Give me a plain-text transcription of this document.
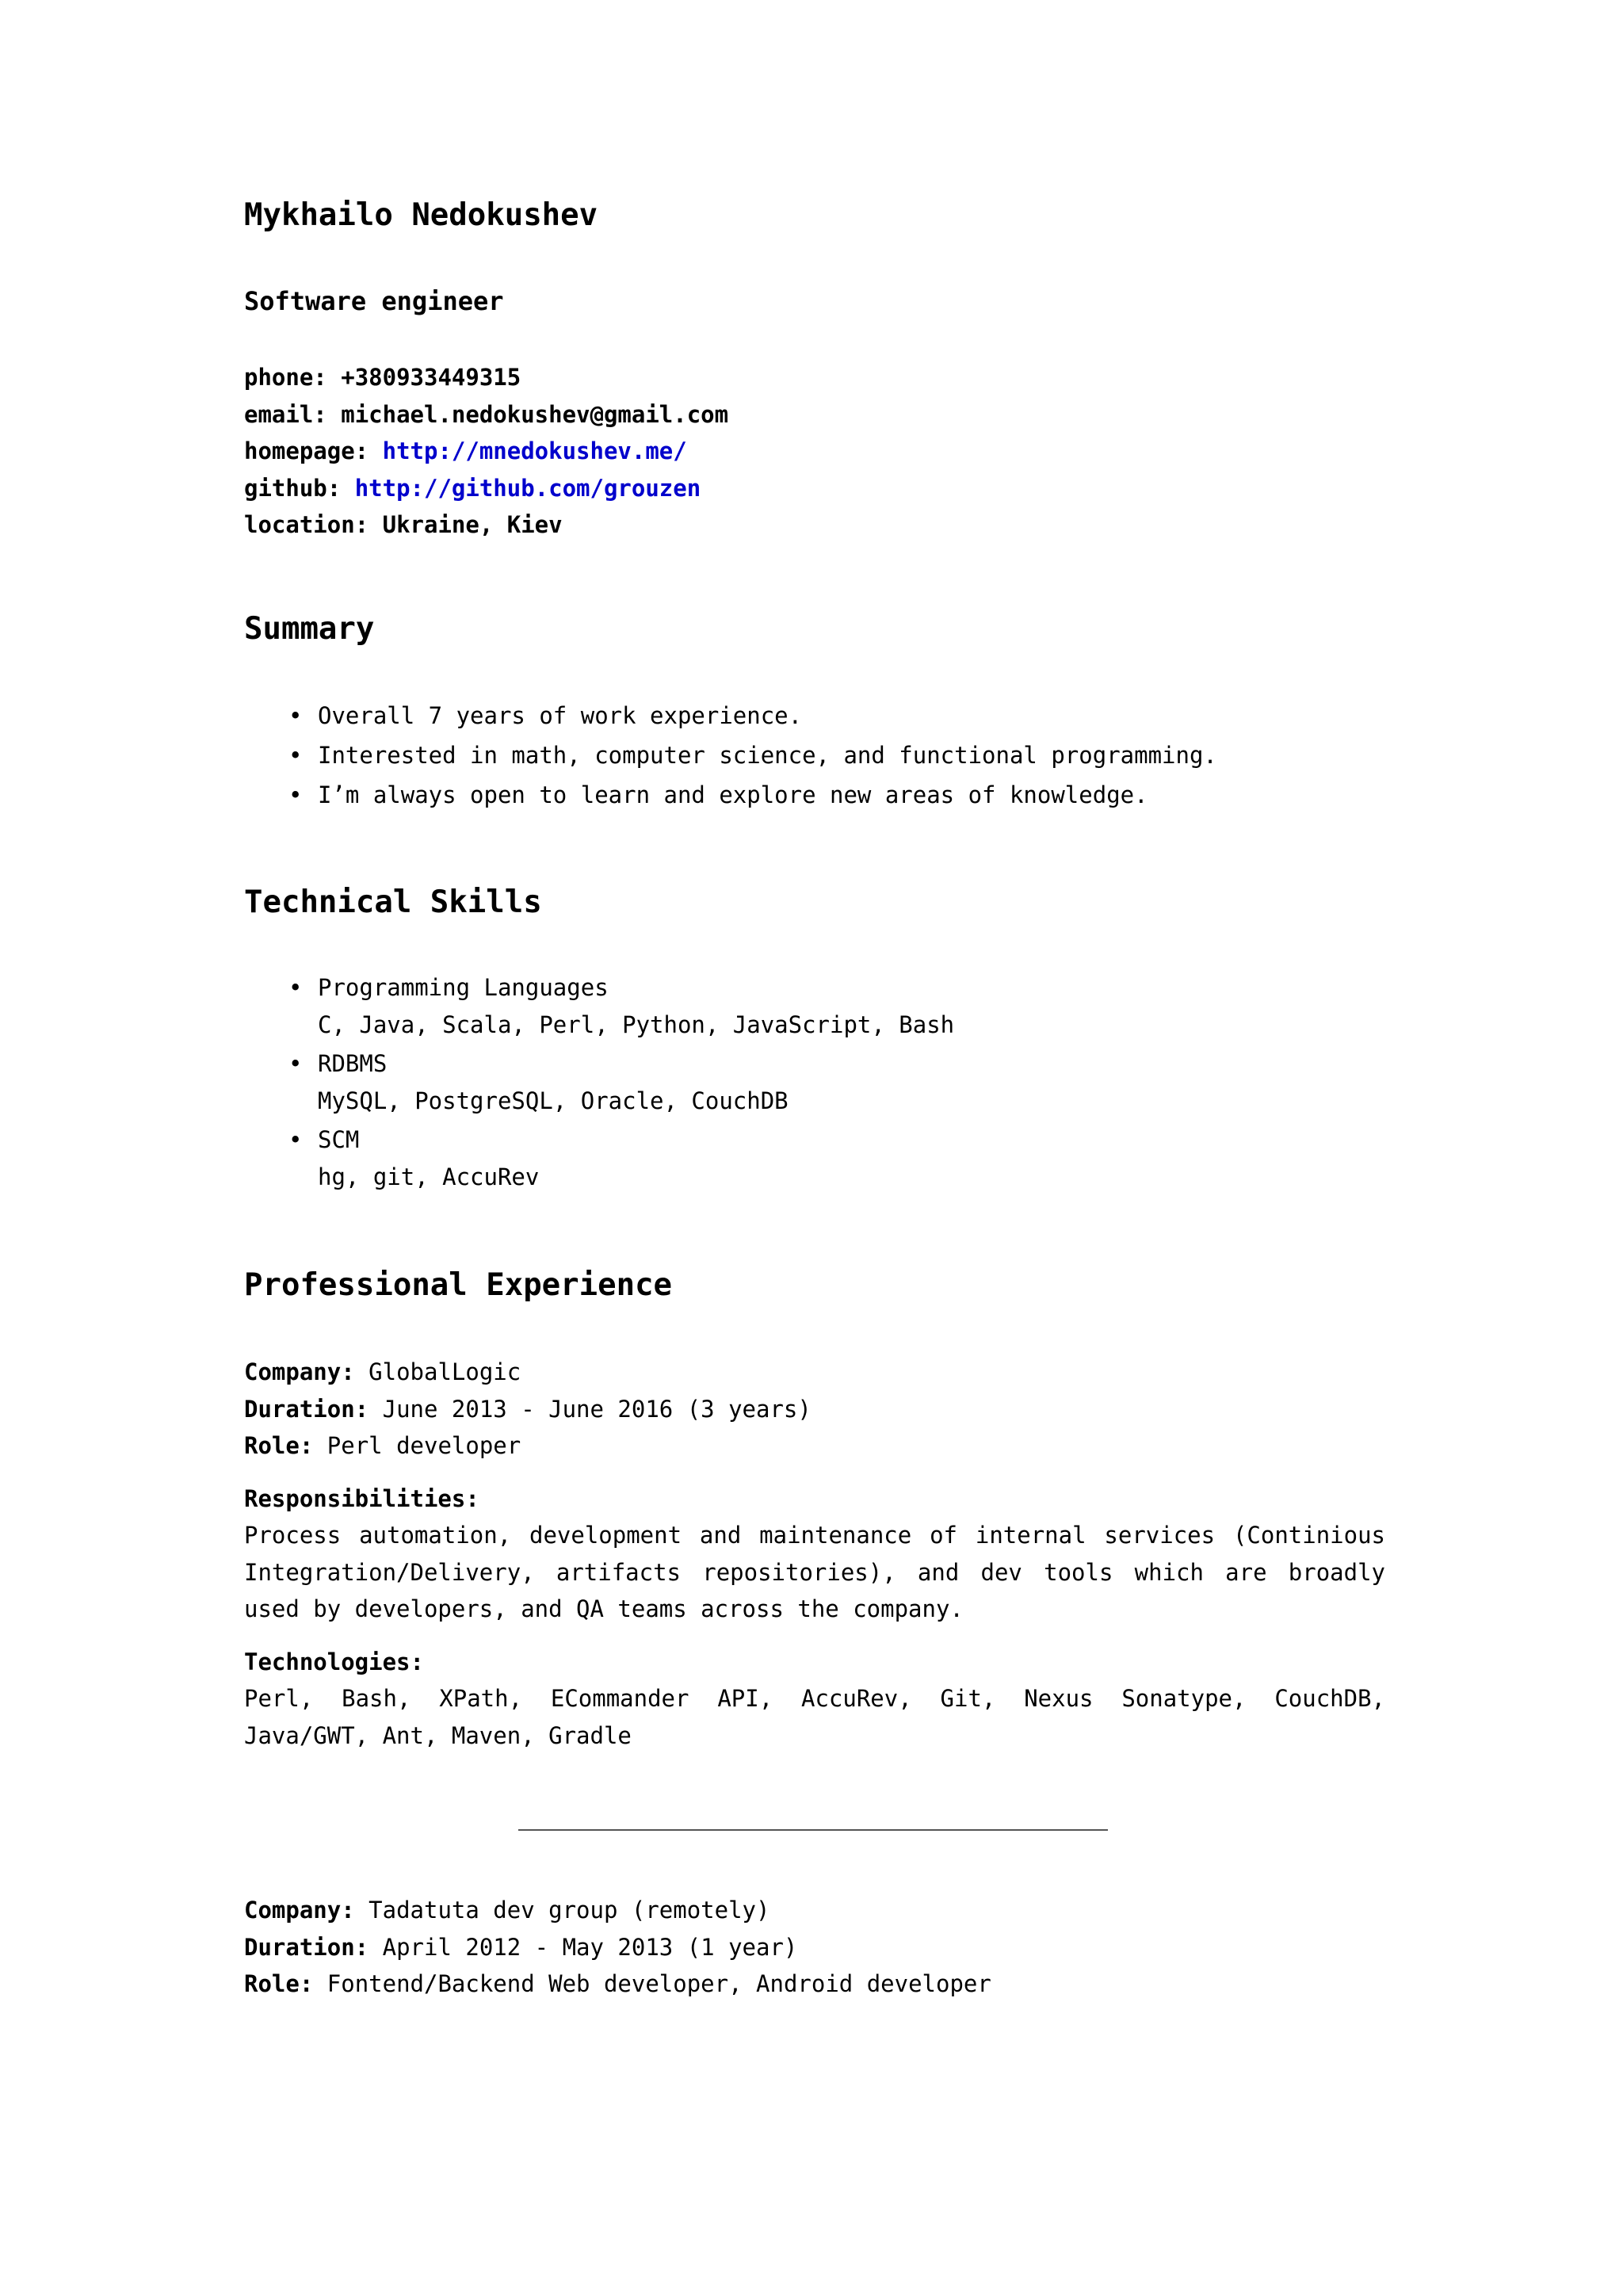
Mykhailo Nedokushev
Software engineer
phone: +380933449315
email: michael.nedokushev@gmail.com
homepage: http://mnedokushev.me/
github: http://github.com/grouzen
location: Ukraine, Kiev
Summary
• Overall 7 years of work experience.
• Interested in math, computer science, and functional programming.
• I’m always open to learn and explore new areas of knowledge.
Technical Skills
• Programming Languages
C, Java, Scala, Perl, Python, JavaScript, Bash
• RDBMS
MySQL, PostgreSQL, Oracle, CouchDB
• SCM
hg, git, AccuRev
Professional Experience
Company: GlobalLogic
Duration: June 2013 - June 2016 (3 years)
Role: Perl developer
Responsibilities:
Process automation, development and maintenance of internal services (Continious Integration/Delivery, artifacts repositories), and dev tools which are broadly used by developers, and QA teams across the company.
Technologies:
Perl, Bash, XPath, ECommander API, AccuRev, Git, Nexus Sonatype, CouchDB, Java/GWT, Ant, Maven, Gradle
Company: Tadatuta dev group (remotely)
Duration: April 2012 - May 2013 (1 year)
Role: Fontend/Backend Web developer, Android developer
